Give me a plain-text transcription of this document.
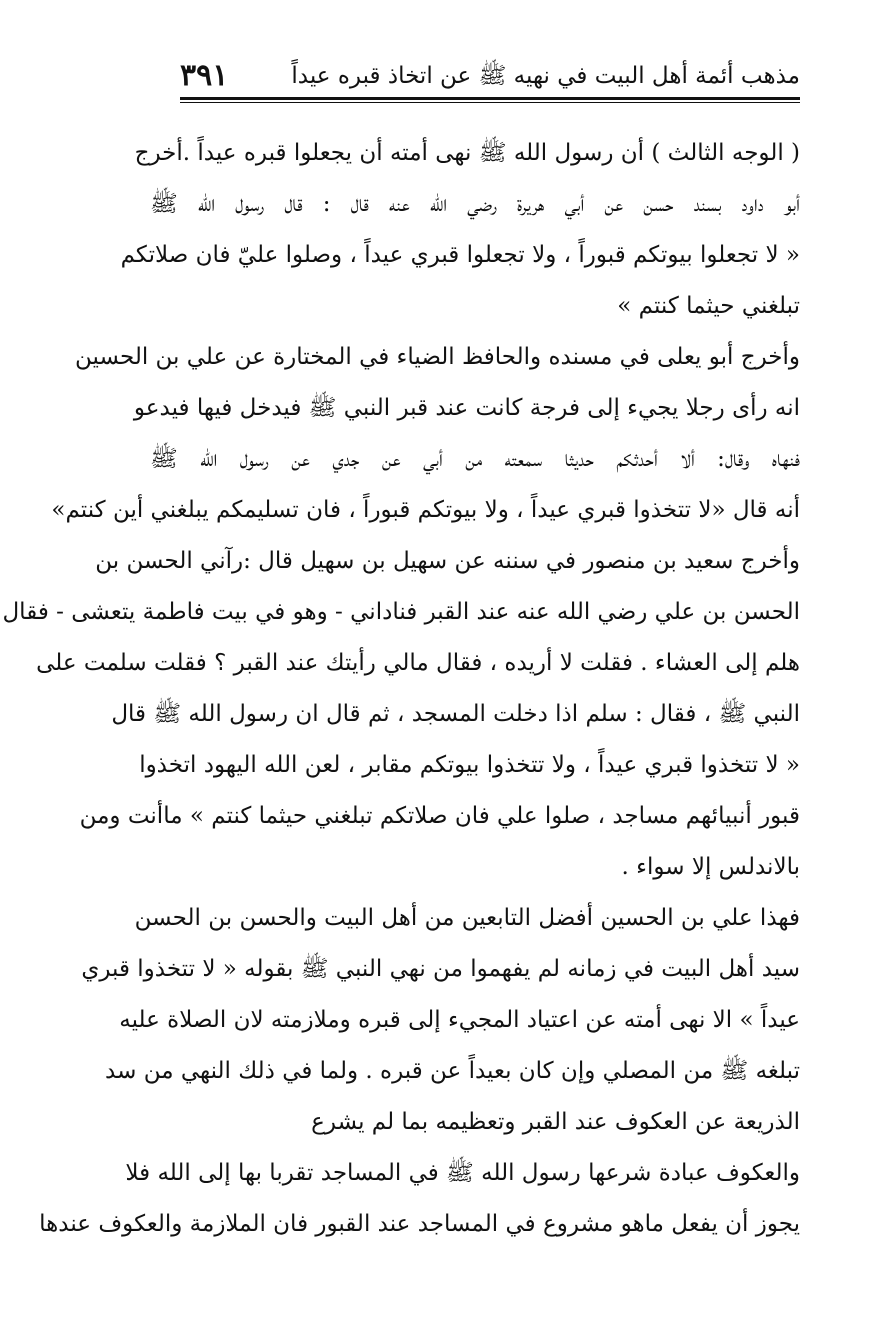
مذهب أئمة أهل البيت في نهيه ﷺ عن اتخاذ قبره عيداً
٣٩١
( الوجه الثالث ) أن رسول الله ﷺ نهى أمته أن يجعلوا قبره عيداً .أخرج
أبو داود بسند حسن عن أبي هريرة رضي الله عنه قال : قال رسول الله ﷺ
« لا تجعلوا بيوتكم قبوراً ، ولا تجعلوا قبري عيداً ، وصلوا عليّ فان صلاتكم
تبلغني حيثما كنتم »
وأخرج أبو يعلى في مسنده والحافظ الضياء في المختارة عن علي بن الحسين
انه رأى رجلا يجيء إلى فرجة كانت عند قبر النبي ﷺ فيدخل فيها فيدعو
فنهاه وقال: ألا أحدثكم حديثا سمعته من أبي عن جدي عن رسول الله ﷺ
أنه قال «لا تتخذوا قبري عيداً ، ولا بيوتكم قبوراً ، فان تسليمكم يبلغني أين كنتم»
وأخرج سعيد بن منصور في سننه عن سهيل بن سهيل قال :رآني الحسن بن
الحسن بن علي رضي الله عنه عند القبر فناداني - وهو في بيت فاطمة يتعشى - فقال
هلم إلى العشاء . فقلت لا أريده ، فقال مالي رأيتك عند القبر ؟ فقلت سلمت على
النبي ﷺ ، فقال : سلم اذا دخلت المسجد ، ثم قال ان رسول الله ﷺ قال
« لا تتخذوا قبري عيداً ، ولا تتخذوا بيوتكم مقابر ، لعن الله اليهود اتخذوا
قبور أنبيائهم مساجد ، صلوا علي فان صلاتكم تبلغني حيثما كنتم » ماأنت ومن
بالاندلس إلا سواء .
فهذا علي بن الحسين أفضل التابعين من أهل البيت والحسن بن الحسن
سيد أهل البيت في زمانه لم يفهموا من نهي النبي ﷺ بقوله « لا تتخذوا قبري
عيداً » الا نهى أمته عن اعتياد المجيء إلى قبره وملازمته لان الصلاة عليه
تبلغه ﷺ من المصلي وإن كان بعيداً عن قبره . ولما في ذلك النهي من سد
الذريعة عن العكوف عند القبر وتعظيمه بما لم يشرع
والعكوف عبادة شرعها رسول الله ﷺ في المساجد تقربا بها إلى الله فلا
يجوز أن يفعل ماهو مشروع في المساجد عند القبور فان الملازمة والعكوف عندها
